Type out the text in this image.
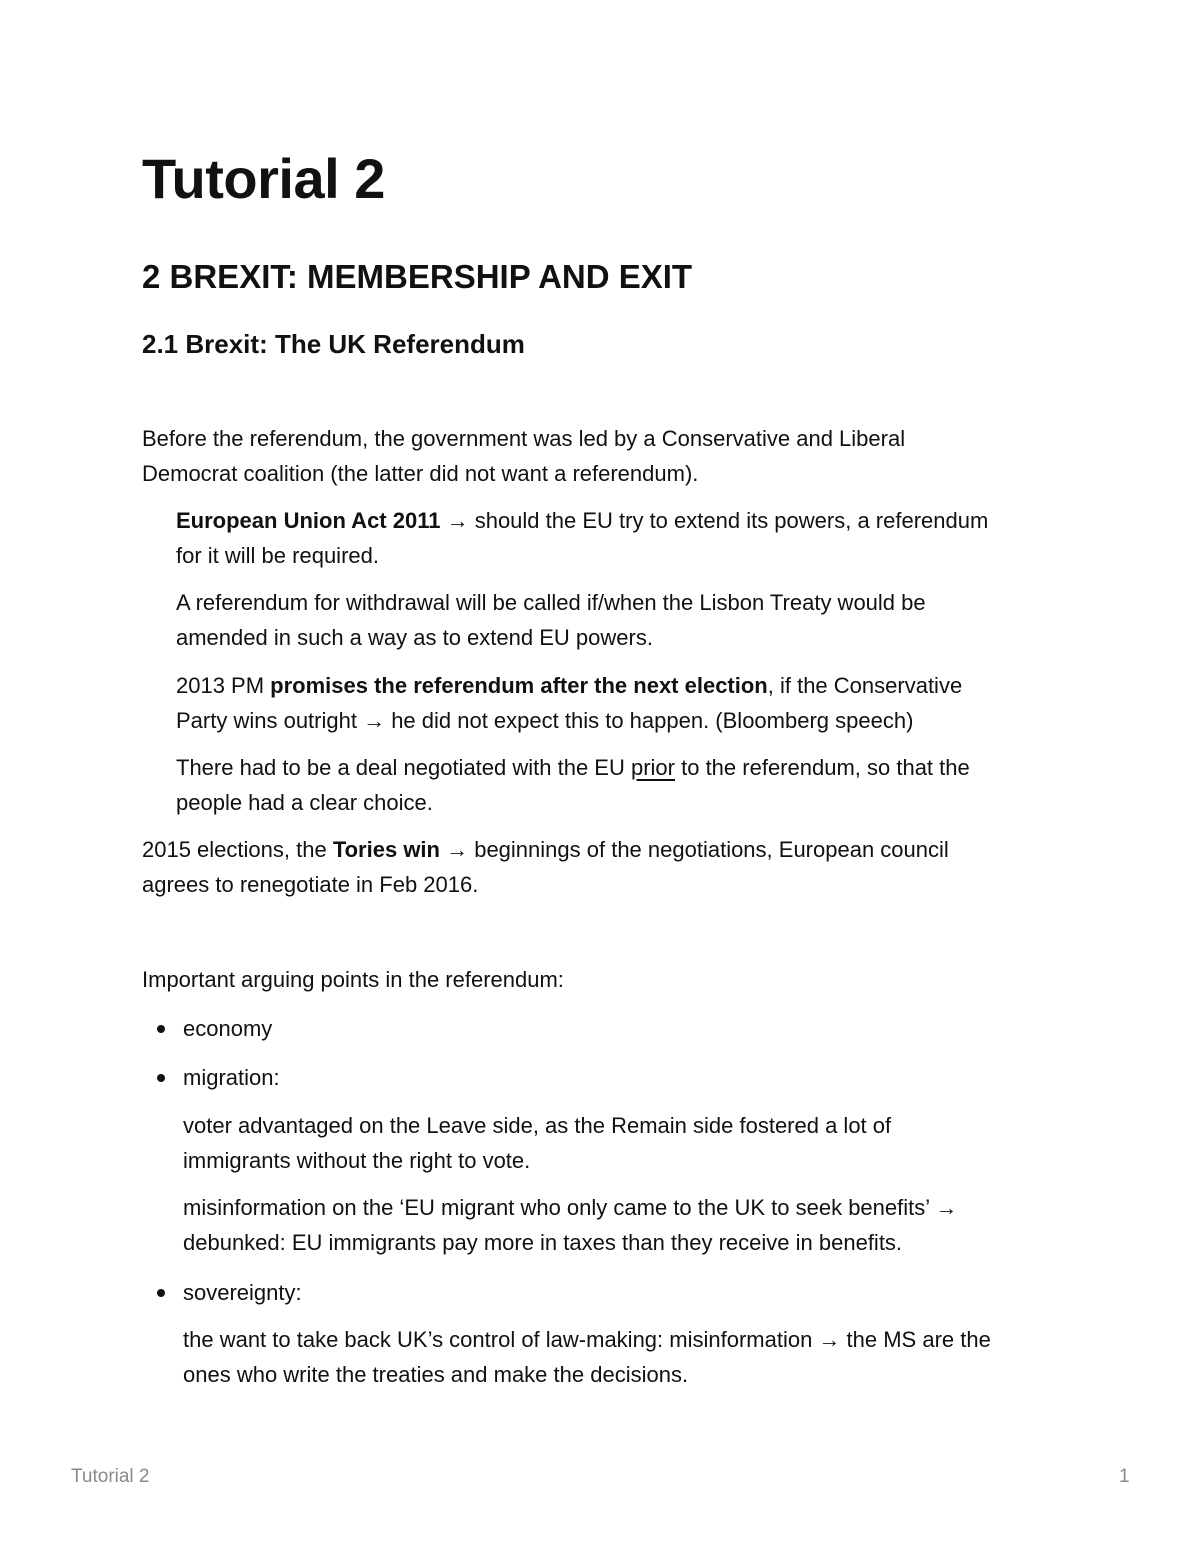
Tutorial 2
2 BREXIT: MEMBERSHIP AND EXIT
2.1 Brexit: The UK Referendum
Before the referendum, the government was led by a Conservative and Liberal
Democrat coalition (the latter did not want a referendum).
European Union Act 2011 → should the EU try to extend its powers, a referendum
for it will be required.
A referendum for withdrawal will be called if/when the Lisbon Treaty would be
amended in such a way as to extend EU powers.
2013 PM promises the referendum after the next election, if the Conservative
Party wins outright → he did not expect this to happen. (Bloomberg speech)
There had to be a deal negotiated with the EU prior to the referendum, so that the
people had a clear choice.
2015 elections, the Tories win → beginnings of the negotiations, European council
agrees to renegotiate in Feb 2016.
Important arguing points in the referendum:
economy
migration:
voter advantaged on the Leave side, as the Remain side fostered a lot of
immigrants without the right to vote.
misinformation on the ‘EU migrant who only came to the UK to seek benefits’ →
debunked: EU immigrants pay more in taxes than they receive in benefits.
sovereignty:
the want to take back UK’s control of law-making: misinformation → the MS are the
ones who write the treaties and make the decisions.
Tutorial 2	1
